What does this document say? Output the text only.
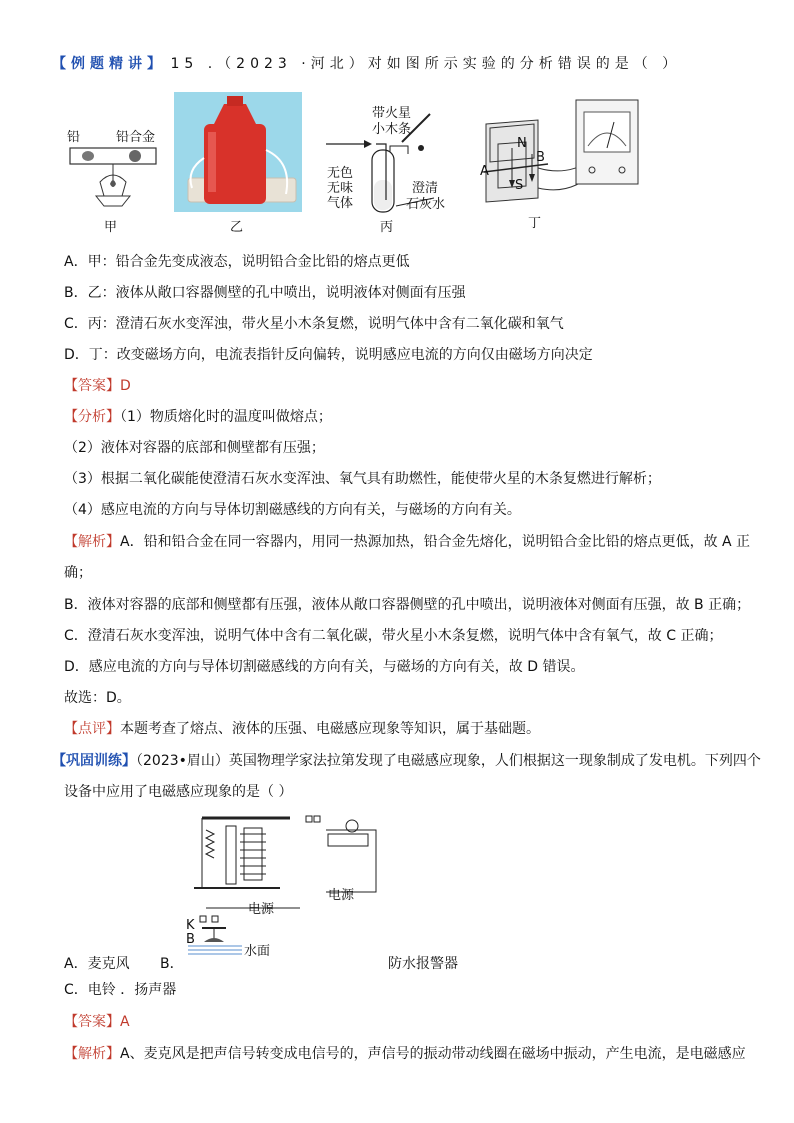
【例题精讲】 15 .（2023 ·河北）对如图所示实验的分析错误的是（ ）
铅	铅合金
甲	乙
带火星
小木条
无色
无味
气体
澄清
石灰水
丙
N
S
A
B
丁
A．甲：铅合金先变成液态，说明铅合金比铅的熔点更低
B．乙：液体从敞口容器侧壁的孔中喷出，说明液体对侧面有压强
C．丙：澄清石灰水变浑浊，带火星小木条复燃，说明气体中含有二氧化碳和氧气
D．丁：改变磁场方向，电流表指针反向偏转，说明感应电流的方向仅由磁场方向决定
【答案】D
【分析】（1）物质熔化时的温度叫做熔点；
（2）液体对容器的底部和侧壁都有压强；
（3）根据二氧化碳能使澄清石灰水变浑浊、氧气具有助燃性，能使带火星的木条复燃进行解析；
（4）感应电流的方向与导体切割磁感线的方向有关，与磁场的方向有关。
【解析】A．铅和铅合金在同一容器内，用同一热源加热，铅合金先熔化，说明铅合金比铅的熔点更低，故 A 正
确；
B．液体对容器的底部和侧壁都有压强，液体从敞口容器侧壁的孔中喷出，说明液体对侧面有压强，故 B 正确；
C．澄清石灰水变浑浊，说明气体中含有二氧化碳，带火星小木条复燃，说明气体中含有氧气，故 C 正确；
D．感应电流的方向与导体切割磁感线的方向有关，与磁场的方向有关，故 D 错误。
故选：D。
【点评】本题考查了熔点、液体的压强、电磁感应现象等知识，属于基础题。
【巩固训练】（2023•眉山）英国物理学家法拉第发现了电磁感应现象，人们根据这一现象制成了发电机。下列四个
设备中应用了电磁感应现象的是（ ）
电源
电源
K
B
水面
A．麦克风 B．	防水报警器
C．电铃 ．扬声器
【答案】A
【解析】A、麦克风是把声信号转变成电信号的，声信号的振动带动线圈在磁场中振动，产生电流，是电磁感应
